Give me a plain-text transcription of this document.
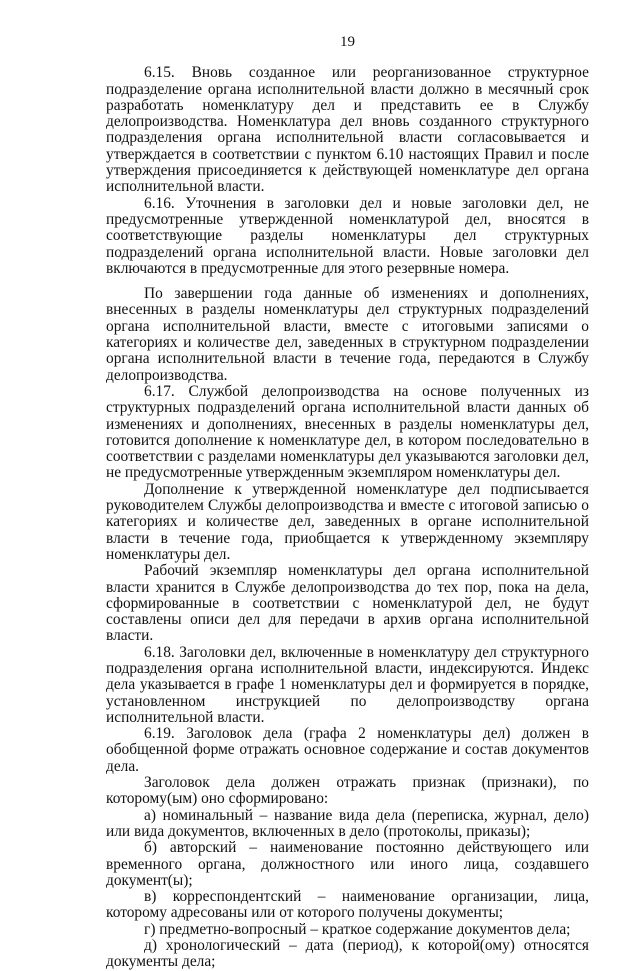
19

6.15. Вновь созданное или реорганизованное структурное подразделение органа исполнительной власти должно в месячный срок разработать номенклатуру дел и представить ее в Службу делопроизводства. Номенклатура дел вновь созданного структурного подразделения органа исполнительной власти согласовывается и утверждается в соответствии с пунктом 6.10 настоящих Правил и после утверждения присоединяется к действующей номенклатуре дел органа исполнительной власти.

6.16. Уточнения в заголовки дел и новые заголовки дел, не предусмотренные утвержденной номенклатурой дел, вносятся в соответствующие разделы номенклатуры дел структурных подразделений органа исполнительной власти. Новые заголовки дел включаются в предусмотренные для этого резервные номера.

По завершении года данные об изменениях и дополнениях, внесенных в разделы номенклатуры дел структурных подразделений органа исполнительной власти, вместе с итоговыми записями о категориях и количестве дел, заведенных в структурном подразделении органа исполнительной власти в течение года, передаются в Службу делопроизводства.

6.17. Службой делопроизводства на основе полученных из структурных подразделений органа исполнительной власти данных об изменениях и дополнениях, внесенных в разделы номенклатуры дел, готовится дополнение к номенклатуре дел, в котором последовательно в соответствии с разделами номенклатуры дел указываются заголовки дел, не предусмотренные утвержденным экземпляром номенклатуры дел.

Дополнение к утвержденной номенклатуре дел подписывается руководителем Службы делопроизводства и вместе с итоговой записью о категориях и количестве дел, заведенных в органе исполнительной власти в течение года, приобщается к утвержденному экземпляру номенклатуры дел.

Рабочий экземпляр номенклатуры дел органа исполнительной власти хранится в Службе делопроизводства до тех пор, пока на дела, сформированные в соответствии с номенклатурой дел, не будут составлены описи дел для передачи в архив органа исполнительной власти.

6.18. Заголовки дел, включенные в номенклатуру дел структурного подразделения органа исполнительной власти, индексируются. Индекс дела указывается в графе 1 номенклатуры дел и формируется в порядке, установленном инструкцией по делопроизводству органа исполнительной власти.

6.19. Заголовок дела (графа 2 номенклатуры дел) должен в обобщенной форме отражать основное содержание и состав документов дела.

Заголовок дела должен отражать признак (признаки), по которому(ым) оно сформировано:

а) номинальный – название вида дела (переписка, журнал, дело) или вида документов, включенных в дело (протоколы, приказы);

б) авторский – наименование постоянно действующего или временного органа, должностного или иного лица, создавшего документ(ы);

в) корреспондентский – наименование организации, лица, которому адресованы или от которого получены документы;

г) предметно-вопросный – краткое содержание документов дела;

д) хронологический – дата (период), к которой(ому) относятся документы дела;
